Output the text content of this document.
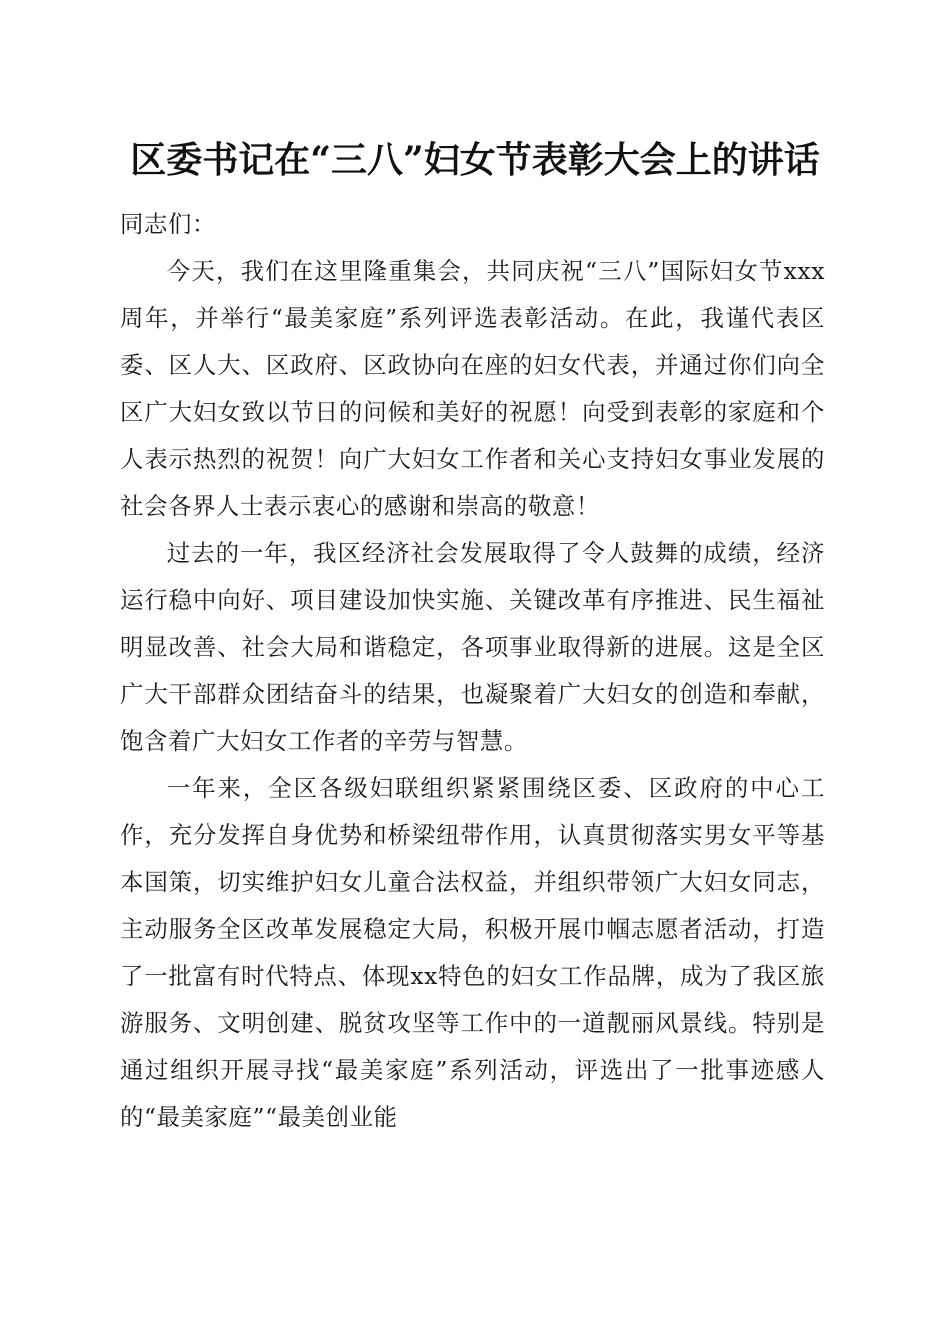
区委书记在“三八”妇女节表彰大会上的讲话

同志们：

今天，我们在这里隆重集会，共同庆祝“三八”国际妇女节xxx周年，并举行“最美家庭”系列评选表彰活动。在此，我谨代表区委、区人大、区政府、区政协向在座的妇女代表，并通过你们向全区广大妇女致以节日的问候和美好的祝愿！向受到表彰的家庭和个人表示热烈的祝贺！向广大妇女工作者和关心支持妇女事业发展的社会各界人士表示衷心的感谢和崇高的敬意！

过去的一年，我区经济社会发展取得了令人鼓舞的成绩，经济运行稳中向好、项目建设加快实施、关键改革有序推进、民生福祉明显改善、社会大局和谐稳定，各项事业取得新的进展。这是全区广大干部群众团结奋斗的结果，也凝聚着广大妇女的创造和奉献，饱含着广大妇女工作者的辛劳与智慧。

一年来，全区各级妇联组织紧紧围绕区委、区政府的中心工作，充分发挥自身优势和桥梁纽带作用，认真贯彻落实男女平等基本国策，切实维护妇女儿童合法权益，并组织带领广大妇女同志，主动服务全区改革发展稳定大局，积极开展巾帼志愿者活动，打造了一批富有时代特点、体现xx特色的妇女工作品牌，成为了我区旅游服务、文明创建、脱贫攻坚等工作中的一道靓丽风景线。特别是通过组织开展寻找“最美家庭”系列活动，评选出了一批事迹感人的“最美家庭”“最美创业能
